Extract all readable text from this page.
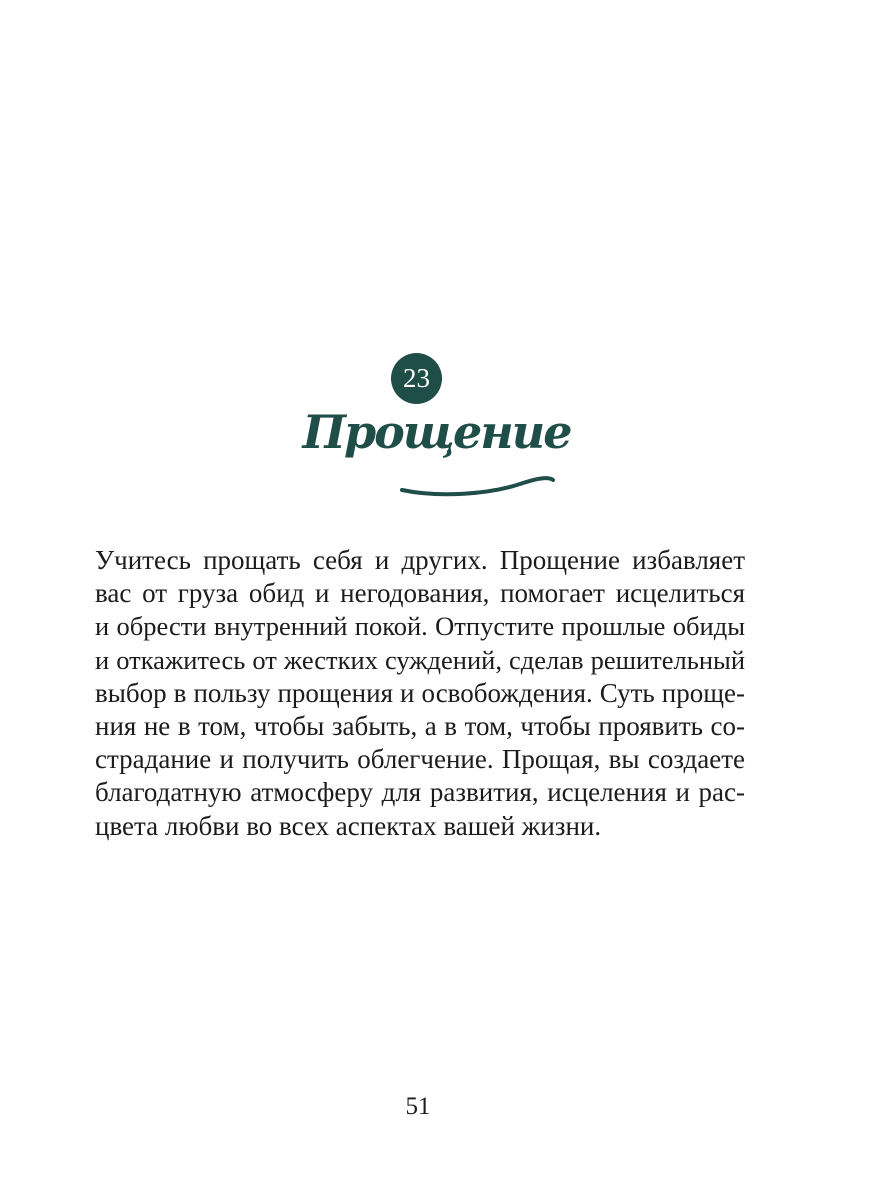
23
Прощение

Учитесь прощать себя и других. Прощение избавляет
вас от груза обид и негодования, помогает исцелиться
и обрести внутренний покой. Отпустите прошлые обиды
и откажитесь от жестких суждений, сделав решительный
выбор в пользу прощения и освобождения. Суть проще-
ния не в том, чтобы забыть, а в том, чтобы проявить со-
страдание и получить облегчение. Прощая, вы создаете
благодатную атмосферу для развития, исцеления и рас-
цвета любви во всех аспектах вашей жизни.

51
